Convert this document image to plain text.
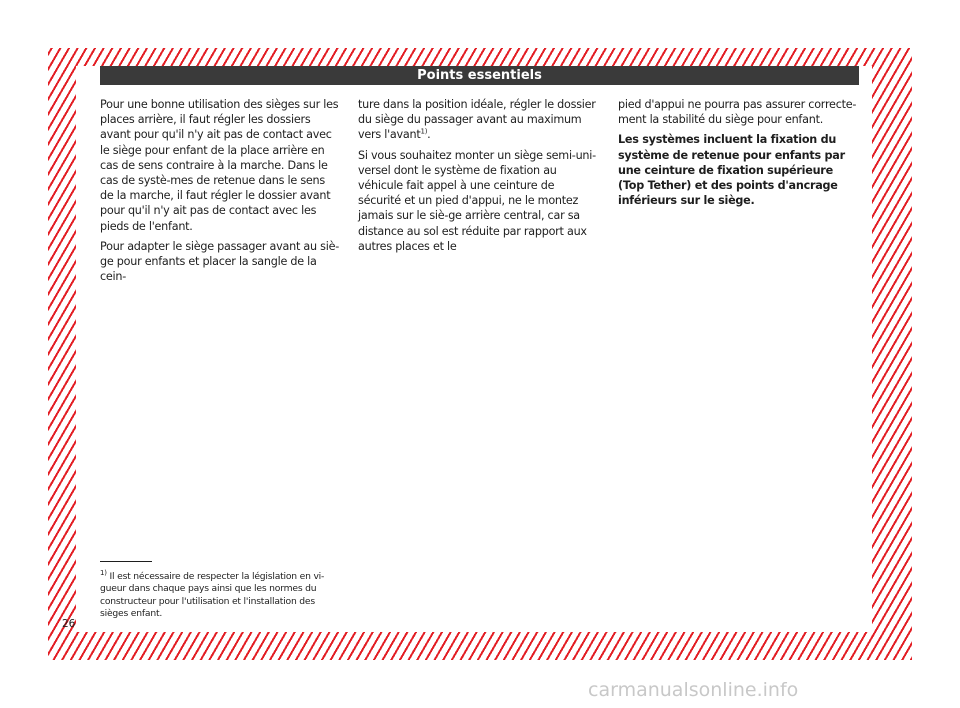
Points essentiels

Pour une bonne utilisation des sièges sur les places arrière, il faut régler les dossiers avant pour qu'il n'y ait pas de contact avec le siège pour enfant de la place arrière en cas de sens contraire à la marche. Dans le cas de systè-mes de retenue dans le sens de la marche, il faut régler le dossier avant pour qu'il n'y ait pas de contact avec les pieds de l'enfant.

Pour adapter le siège passager avant au siè-ge pour enfants et placer la sangle de la cein-

ture dans la position idéale, régler le dossier du siège du passager avant au maximum vers l'avant$^{1)}$.

Si vous souhaitez monter un siège semi-uni-versel dont le système de fixation au véhicule fait appel à une ceinture de sécurité et un pied d'appui, ne le montez jamais sur le siè-ge arrière central, car sa distance au sol est réduite par rapport aux autres places et le

pied d'appui ne pourra pas assurer correcte-ment la stabilité du siège pour enfant.

Les systèmes incluent la fixation du système de retenue pour enfants par une ceinture de fixation supérieure (Top Tether) et des points d'ancrage inférieurs sur le siège.

$^{1)}$ Il est nécessaire de respecter la législation en vi-gueur dans chaque pays ainsi que les normes du constructeur pour l'utilisation et l'installation des sièges enfant.
26
carmanualsonline.info
